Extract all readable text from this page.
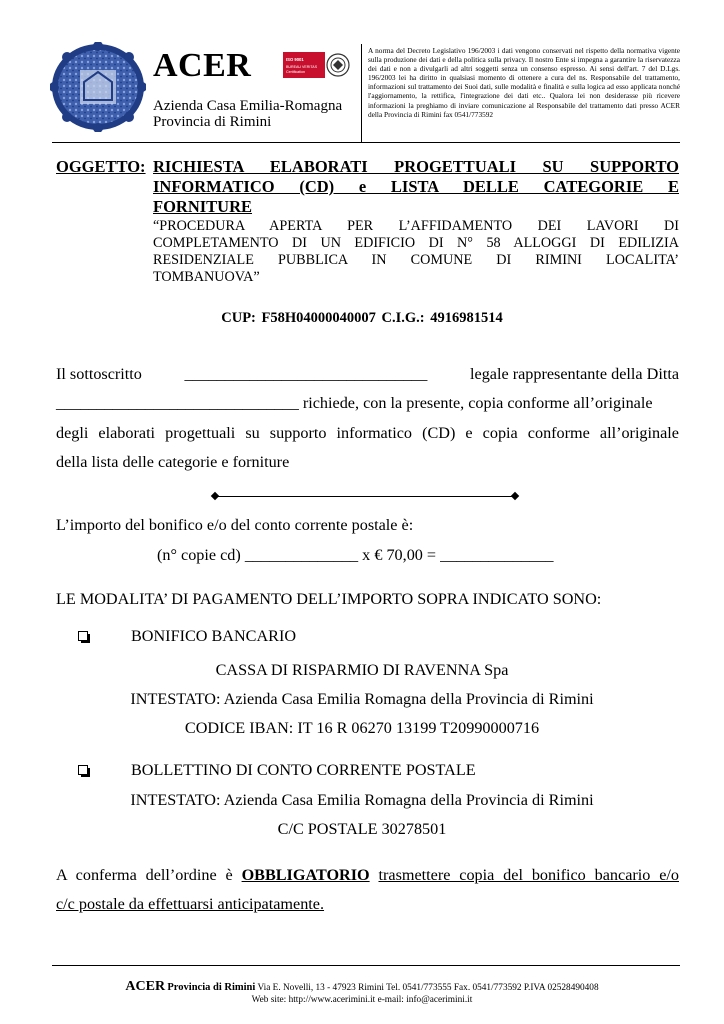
ACER	ISO 9001
BUREAU VERITAS
Certification
Azienda Casa Emilia-Romagna
Provincia di Rimini
A norma del Decreto Legislativo 196/2003 i dati vengono conservati nel rispetto della normativa vigente sulla produzione dei dati e della politica sulla privacy. Il nostro Ente si impegna a garantire la riservatezza dei dati e non a divulgarli ad altri soggetti senza un consenso espresso. Ai sensi dell'art. 7 del D.Lgs. 196/2003 lei ha diritto in qualsiasi momento di ottenere a cura del ns. Responsabile del trattamento, informazioni sul trattamento dei Suoi dati, sulle modalità e finalità e sulla logica ad esso applicata nonché l'aggiornamento, la rettifica, l'integrazione dei dati etc.. Qualora lei non desiderasse più ricevere informazioni la preghiamo di inviare comunicazione al Responsabile del trattamento dati presso ACER della Provincia di Rimini fax 0541/773592
OGGETTO: RICHIESTA ELABORATI PROGETTUALI SU SUPPORTO
INFORMATICO (CD) e LISTA DELLE CATEGORIE E
FORNITURE
“PROCEDURA APERTA PER L’AFFIDAMENTO DEI LAVORI DI
COMPLETAMENTO DI UN EDIFICIO DI N° 58 ALLOGGI DI EDILIZIA
RESIDENZIALE PUBBLICA IN COMUNE DI RIMINI LOCALITA’
TOMBANUOVA”
CUP: F58H04000040007 C.I.G.: 4916981514
Il sottoscritto	______________________________	legale rappresentante della Ditta
______________________________ richiede, con la presente, copia conforme all’originale
degli elaborati progettuali su supporto informatico (CD) e copia conforme all’originale
della lista delle categorie e forniture
L’importo del bonifico e/o del conto corrente postale è:
(n° copie cd) ______________ x € 70,00 = ______________
LE MODALITA’ DI PAGAMENTO DELL’IMPORTO SOPRA INDICATO SONO:
BONIFICO BANCARIO
CASSA DI RISPARMIO DI RAVENNA Spa
INTESTATO: Azienda Casa Emilia Romagna della Provincia di Rimini
CODICE IBAN: IT 16 R 06270 13199 T20990000716
BOLLETTINO DI CONTO CORRENTE POSTALE
INTESTATO: Azienda Casa Emilia Romagna della Provincia di Rimini
C/C POSTALE 30278501
A conferma dell’ordine è OBBLIGATORIO trasmettere copia del bonifico bancario e/o
c/c postale da effettuarsi anticipatamente.
ACER Provincia di Rimini Via E. Novelli, 13 - 47923 Rimini Tel. 0541/773555 Fax. 0541/773592 P.IVA 02528490408
Web site: http://www.acerimini.it e-mail: info@acerimini.it
